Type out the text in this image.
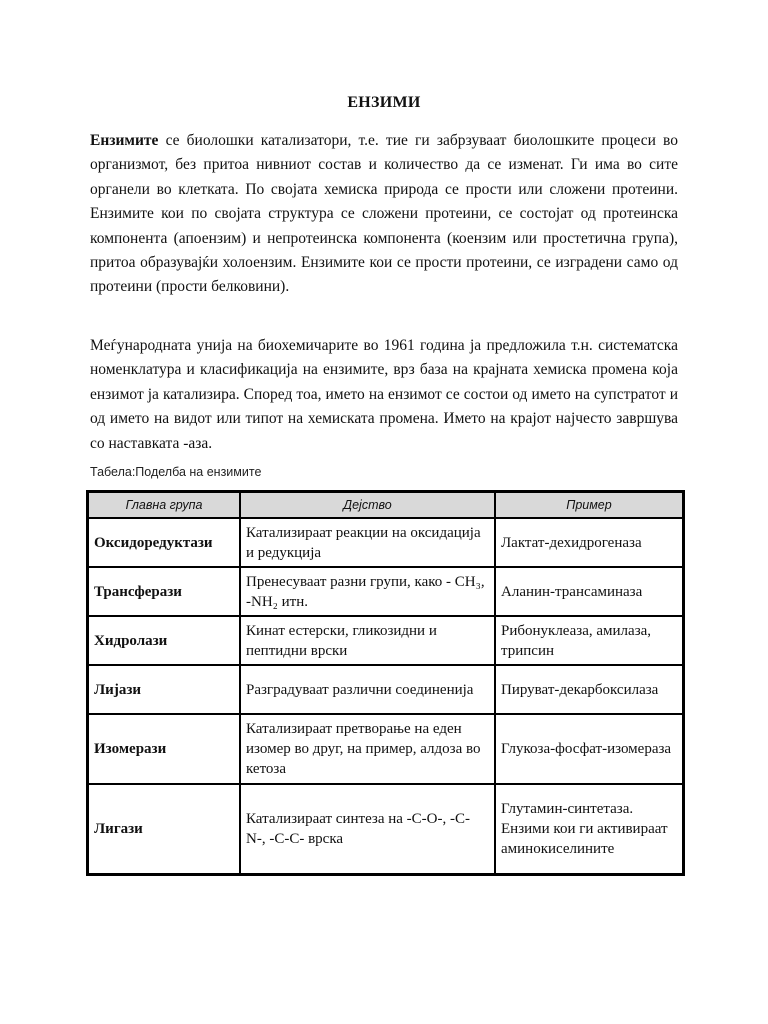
ЕНЗИМИ

Ензимите се биолошки катализатори, т.е. тие ги забрзуваат биолошките процеси во организмот, без притоа нивниот состав и количество да се изменат. Ги има во сите органели во клетката. По својата хемиска природа се прости или сложени протеини. Ензимите кои по својата структура се сложени протеини, се состојат од протеинска компонента (апоензим) и непротеинска компонента (коензим или простетична група), притоа образувајќи холоензим. Ензимите кои се прости протеини, се изградени само од протеини (прости белковини).

Меѓународната унија на биохемичарите во 1961 година ја предложила т.н. систематска номенклатура и класификација на ензимите, врз база на крајната хемиска промена која ензимот ја катализира. Според тоа, името на ензимот се состои од името на супстратот и од името на видот или типот на хемиската промена. Името на крајот најчесто завршува со наставката -аза.

Табела:Поделба на ензимите
Главна група	Дејство	Пример
Оксидоредуктази	Катализираат реакции на оксидација и редукција	Лактат-дехидрогеназа
Трансферази	Пренесуваат разни групи, како - CH₃, -NH₂ итн.	Аланин-трансаминаза
Хидролази	Кинат естерски, гликозидни и пептидни врски	Рибонуклеаза, амилаза, трипсин
Лијази	Разградуваат различни соединенија	Пируват-декарбоксилаза
Изомерази	Катализираат претворање на еден изомер во друг, на пример, алдоза во кетоза	Глукоза-фосфат-изомераза
Лигази	Катализираат синтеза на -C-O-, -C-N-, -C-C- врска	Глутамин-синтетаза. Ензими кои ги активираат аминокиселините
